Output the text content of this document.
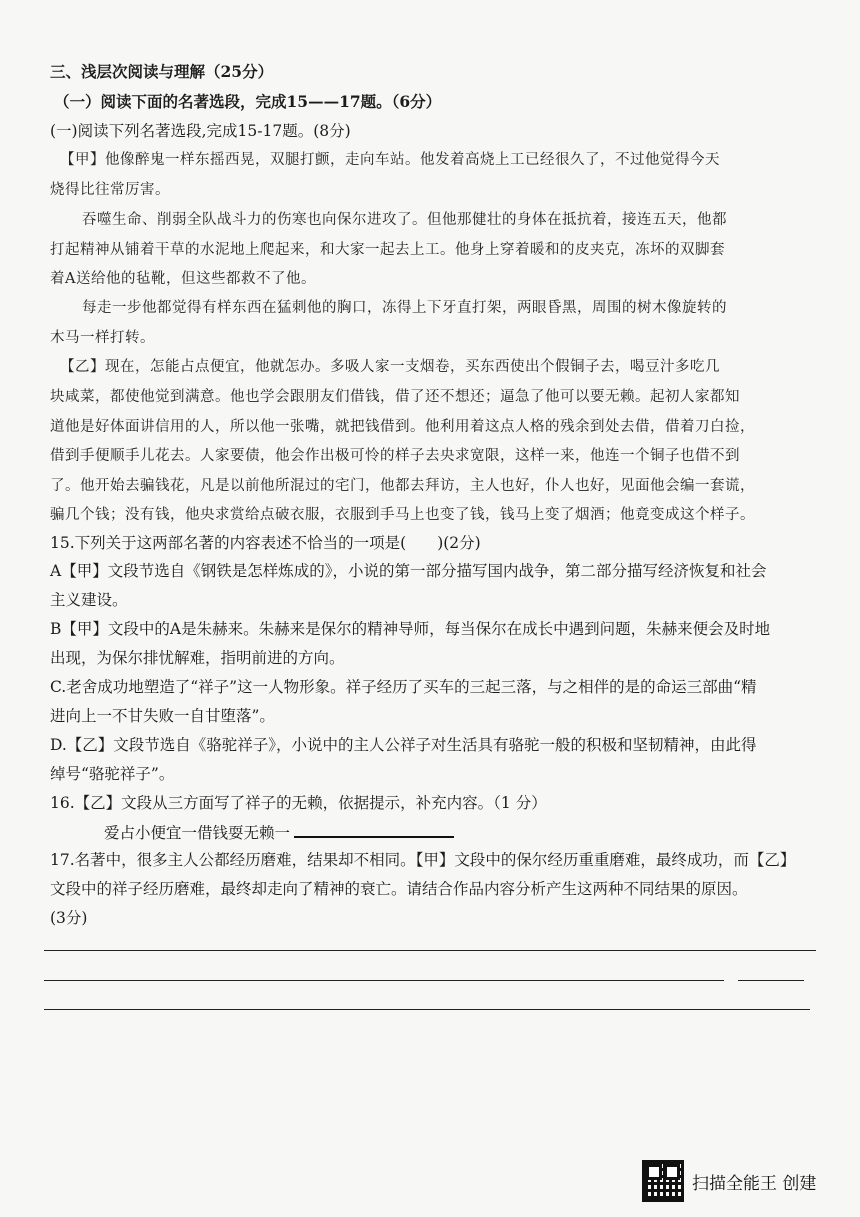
三、浅层次阅读与理解（25分）
（一）阅读下面的名著选段，完成15——17题。（6分）
(一)阅读下列名著选段,完成15-17题。(8分)
【甲】他像醉鬼一样东摇西晃，双腿打颤，走向车站。他发着高烧上工已经很久了，不过他觉得今天
烧得比往常厉害。
吞噬生命、削弱全队战斗力的伤寒也向保尔进攻了。但他那健壮的身体在抵抗着，接连五天，他都
打起精神从铺着干草的水泥地上爬起来，和大家一起去上工。他身上穿着暖和的皮夹克，冻坏的双脚套
着A送给他的毡靴，但这些都救不了他。
每走一步他都觉得有样东西在猛刺他的胸口，冻得上下牙直打架，两眼昏黑，周围的树木像旋转的
木马一样打转。
【乙】现在，怎能占点便宜，他就怎办。多吸人家一支烟卷，买东西使出个假铜子去，喝豆汁多吃几
块咸菜，都使他觉到满意。他也学会跟朋友们借钱，借了还不想还；逼急了他可以要无赖。起初人家都知
道他是好体面讲信用的人，所以他一张嘴，就把钱借到。他利用着这点人格的残余到处去借，借着刀白捡，
借到手便顺手儿花去。人家要债，他会作出极可怜的样子去央求宽限，这样一来，他连一个铜子也借不到
了。他开始去骗钱花，凡是以前他所混过的宅门，他都去拜访，主人也好，仆人也好，见面他会编一套谎，
骗几个钱；没有钱，他央求赏给点破衣服，衣服到手马上也变了钱，钱马上变了烟酒；他竟变成这个样子。
15.下列关于这两部名著的内容表述不恰当的一项是(　　)(2分)
A【甲】文段节选自《钢铁是怎样炼成的》，小说的第一部分描写国内战争，第二部分描写经济恢复和社会
主义建设。
B【甲】文段中的A是朱赫来。朱赫来是保尔的精神导师，每当保尔在成长中遇到问题，朱赫来便会及时地
出现，为保尔排忧解难，指明前进的方向。
C.老舍成功地塑造了“祥子”这一人物形象。祥子经历了买车的三起三落，与之相伴的是的命运三部曲“精
进向上一不甘失败一自甘堕落”。
D.【乙】文段节选自《骆驼祥子》，小说中的主人公祥子对生活具有骆驼一般的积极和坚韧精神，由此得
绰号“骆驼祥子”。
16.【乙】文段从三方面写了祥子的无赖，依据提示，补充内容。（1 分）
爱占小便宜一借钱耍无赖一
17.名著中，很多主人公都经历磨难，结果却不相同。【甲】文段中的保尔经历重重磨难，最终成功，而【乙】
文段中的祥子经历磨难，最终却走向了精神的衰亡。请结合作品内容分析产生这两种不同结果的原因。
(3分)
扫描全能王 创建
